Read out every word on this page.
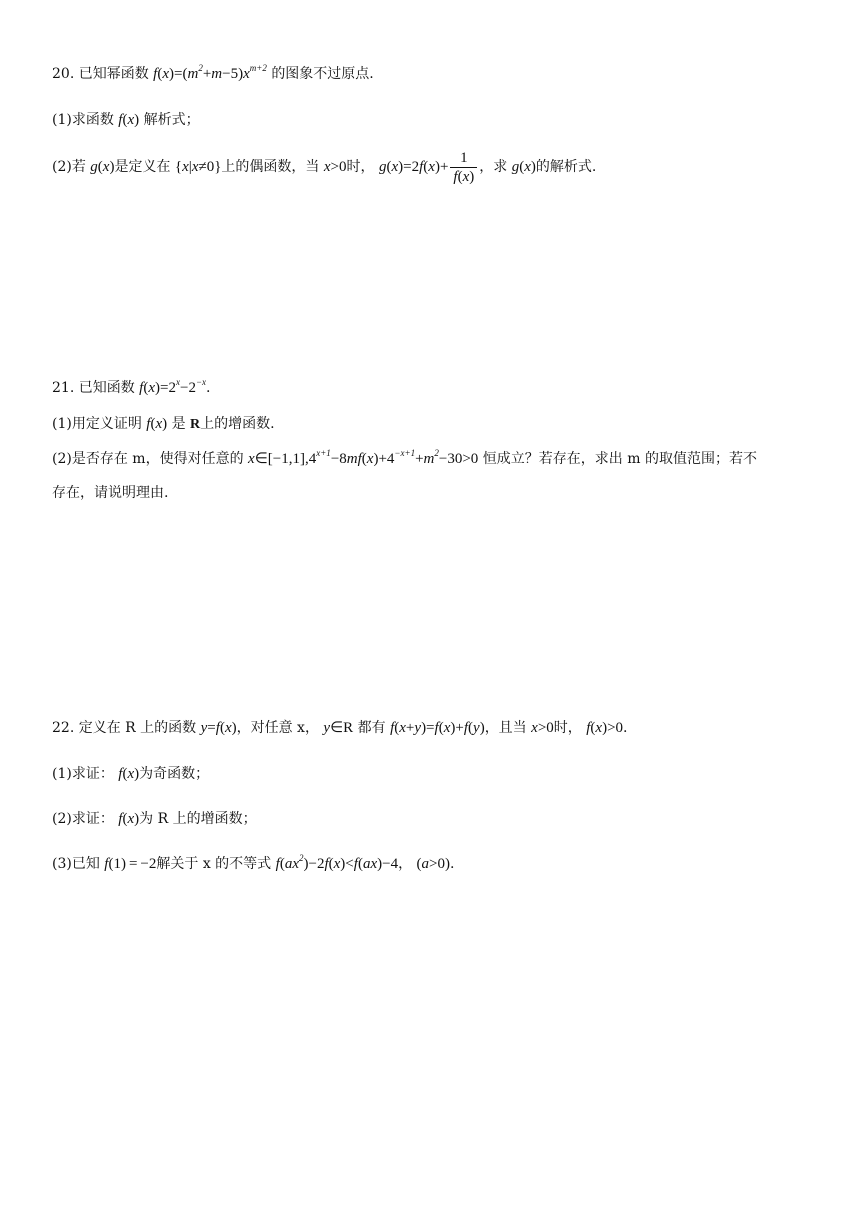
20. 已知幂函数 $f(x)=(m^2+m-5)x^{m+2}$ 的图象不过原点.
(1)求函数 f(x) 解析式；
(2)若 g(x)是定义在 {x|x≠0}上的偶函数，当 x>0时， $g(x)=2f(x)+ \frac{1}{f(x)}$ ，求 g(x)的解析式.
21. 已知函数 $f(x)=2^x-2^{-x}$.
(1)用定义证明 f(x) 是 R上的增函数.
(2)是否存在 m，使得对任意的 $x\in[-1,1],4^{x+1}-8mf(x)+4^{-x+1}+m^2-30>0$ 恒成立？若存在，求出 m 的取值范围；若不
存在，请说明理由.
22. 定义在 R 上的函数 y=f(x)，对任意 x， y∈R 都有 f(x+y)=f(x)+f(y)，且当 x>0时， f(x)>0.
(1)求证： f(x)为奇函数；
(2)求证： f(x)为 R 上的增函数；
(3)已知 f(1) = −2解关于 x 的不等式 $f(ax^2)-2f(x)<f(ax)-4$， (a>0).
